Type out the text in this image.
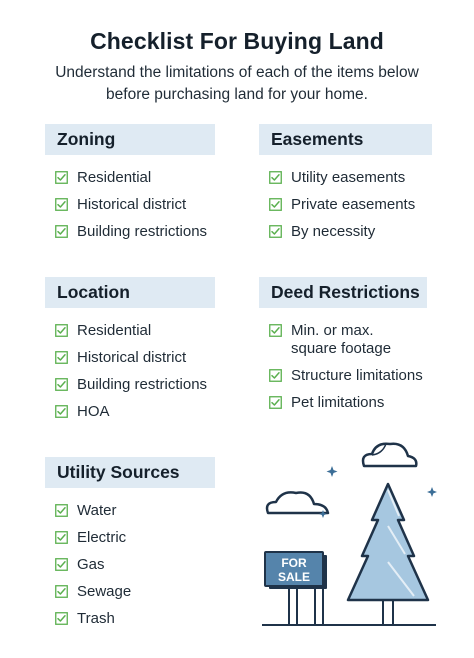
Checklist For Buying Land
Understand the limitations of each of the items below before purchasing land for your home.
Zoning
Residential
Historical district
Building restrictions
Easements
Utility easements
Private easements
By necessity
Location
Residential
Historical district
Building restrictions
HOA
Deed Restrictions
Min. or max.
square footage
Structure limitations
Pet limitations
Utility Sources
Water
Electric
Gas
Sewage
Trash
FOR
SALE
